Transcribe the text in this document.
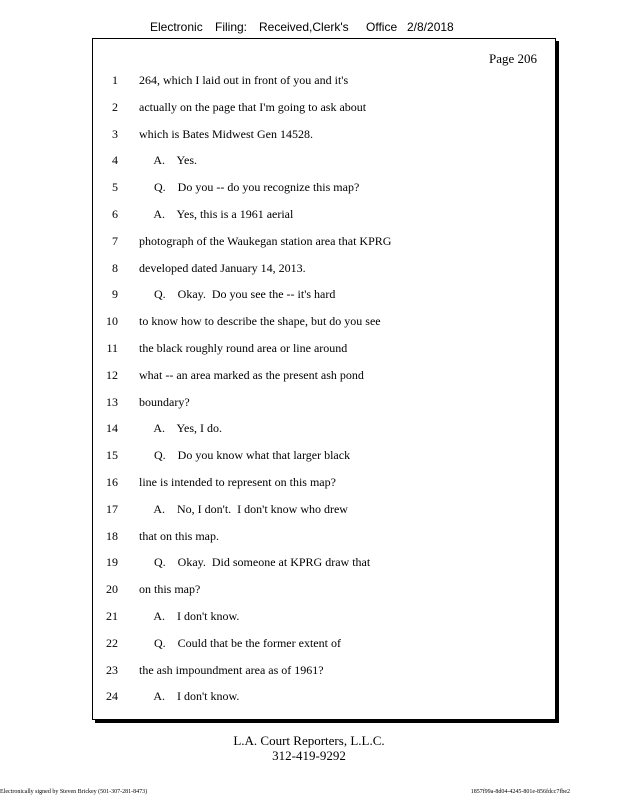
Electronic Filing: Received,Clerk's Office 2/8/2018
Page 206
1 264, which I laid out in front of you and it's
2 actually on the page that I'm going to ask about
3 which is Bates Midwest Gen 14528.
4 A.    Yes.
5 Q.    Do you -- do you recognize this map?
6 A.    Yes, this is a 1961 aerial
7 photograph of the Waukegan station area that KPRG
8 developed dated January 14, 2013.
9 Q.    Okay.  Do you see the -- it's hard
10 to know how to describe the shape, but do you see
11 the black roughly round area or line around
12 what -- an area marked as the present ash pond
13 boundary?
14 A.    Yes, I do.
15 Q.    Do you know what that larger black
16 line is intended to represent on this map?
17 A.    No, I don't.  I don't know who drew
18 that on this map.
19 Q.    Okay.  Did someone at KPRG draw that
20 on this map?
21 A.    I don't know.
22 Q.    Could that be the former extent of
23 the ash impoundment area as of 1961?
24 A.    I don't know.
L.A. Court Reporters, L.L.C.
312-419-9292
Electronically signed by Steven Brickey (501-307-281-8473)	1857f99a-8d04-4245-801e-856fdcc7fbe2
